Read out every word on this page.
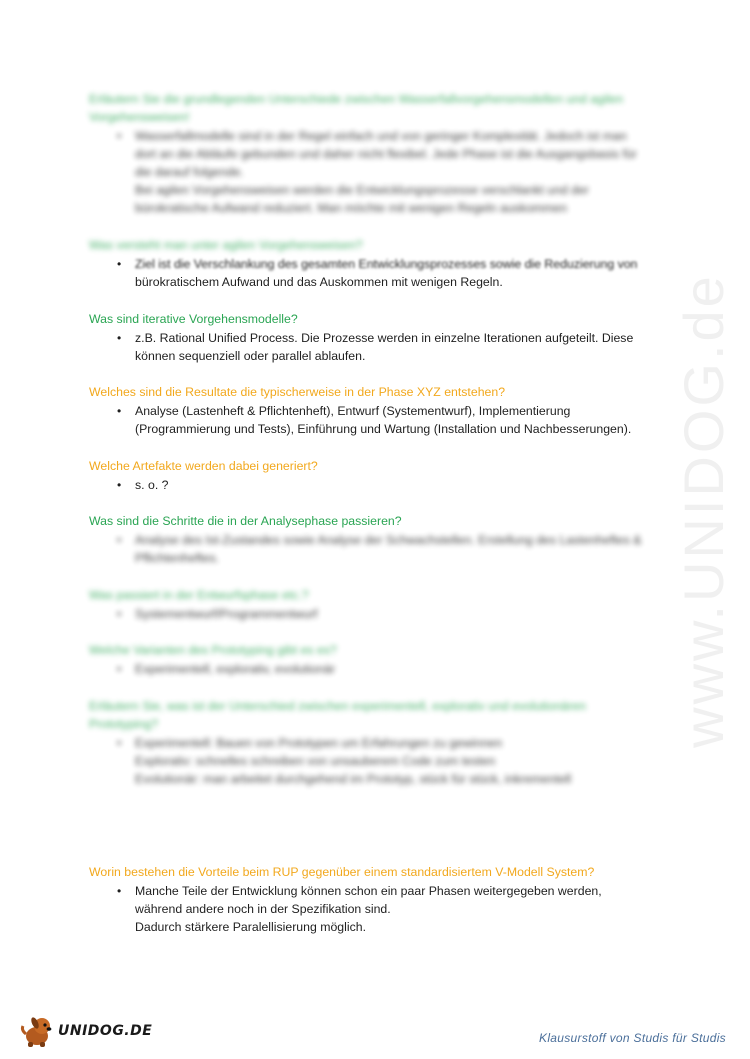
www.UNIDOG.de

Erläutern Sie die grundlegenden Unterschiede zwischen Wasserfallvorgehensmodellen und agilen Vorgehensweisen!

• Wasserfallmodelle sind in der Regel einfach und von geringer Komplexität. Jedoch ist man
dort an die Abläufe gebunden und daher nicht flexibel. Jede Phase ist die Ausgangsbasis für
die darauf folgende.
Bei agilen Vorgehensweisen werden die Entwicklungsprozesse verschlankt und der
bürokratische Aufwand reduziert. Man möchte mit wenigen Regeln auskommen

Was versteht man unter agilen Vorgehensweisen?

• Ziel ist die Verschlankung des gesamten Entwicklungsprozesses sowie die Reduzierung von
bürokratischem Aufwand und das Auskommen mit wenigen Regeln.

Was sind iterative Vorgehensmodelle?

• z.B. Rational Unified Process. Die Prozesse werden in einzelne Iterationen aufgeteilt. Diese
können sequenziell oder parallel ablaufen.

Welches sind die Resultate die typischerweise in der Phase XYZ entstehen?

• Analyse (Lastenheft & Pflichtenheft), Entwurf (Systementwurf), Implementierung
(Programmierung und Tests), Einführung und Wartung (Installation und Nachbesserungen).

Welche Artefakte werden dabei generiert?

• s. o. ?

Was sind die Schritte die in der Analysephase passieren?

• Analyse des Ist-Zustandes sowie Analyse der Schwachstellen. Erstellung des Lastenheftes &
Pflichtenheftes.

Was passiert in der Entwurfsphase etc.?

• Systementwurf/Programmentwurf

Welche Varianten des Prototyping gibt es es?

• Experimentell, explorativ, evolutionär

Erläutern Sie, was ist der Unterschied zwischen experimentell, explorativ und evolutionären Prototyping?

• Experimentell: Bauen von Prototypen um Erfahrungen zu gewinnen
Explorativ: schnelles schreiben von unsauberem Code zum testen
Evolutionär: man arbeitet durchgehend im Prototyp, stück für stück, inkrementell

Worin bestehen die Vorteile beim RUP gegenüber einem standardisiertem V-Modell System?

• Manche Teile der Entwicklung können schon ein paar Phasen weitergegeben werden,
während andere noch in der Spezifikation sind.
Dadurch stärkere Paralellisierung möglich.
UNIDOG.DE	Klausurstoff von Studis für Studis
